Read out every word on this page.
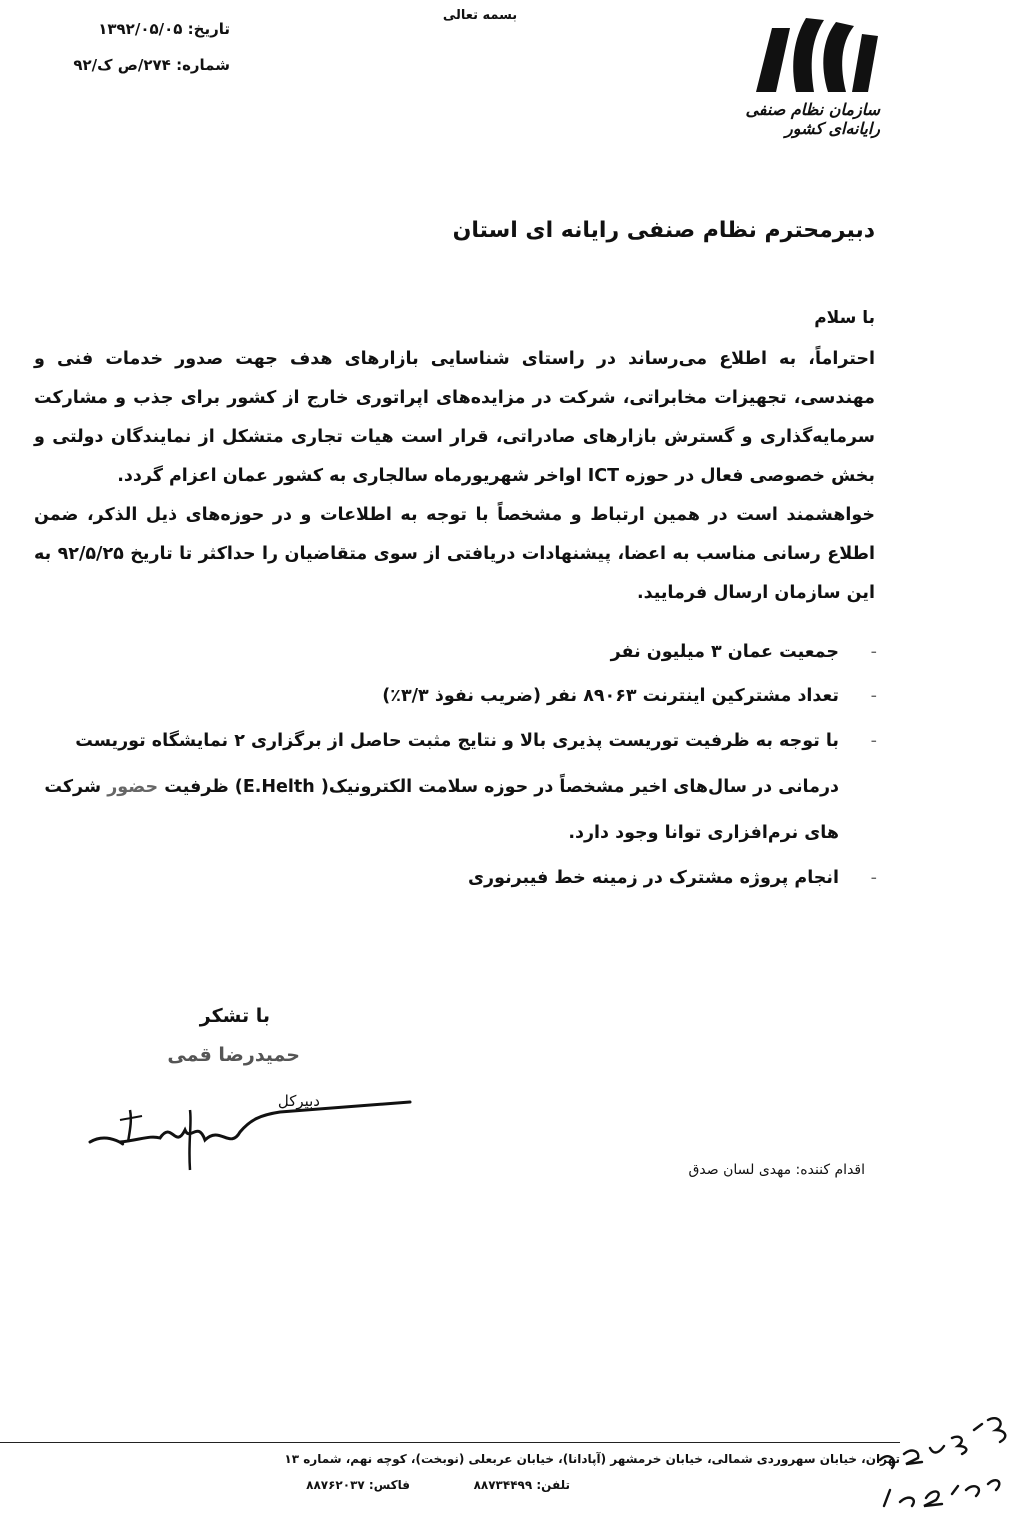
بسمه تعالی
تاریخ: ۱۳۹۲/۰۵/۰۵
شماره: ۲۷۴/ص ک/۹۲
سازمان نظام صنفی رایانه‌ای کشور
دبیرمحترم نظام صنفی رایانه ای استان
با سلام

احتراماً، به اطلاع می‌رساند در راستای شناسایی بازارهای هدف جهت صدور خدمات فنی و مهندسی، تجهیزات مخابراتی، شرکت در مزایده‌های اپراتوری خارج از کشور برای جذب و مشارکت سرمایه‌گذاری و گسترش بازارهای صادراتی، قرار است هیات تجاری متشکل از نمایندگان دولتی و بخش خصوصی فعال در حوزه ICT اواخر شهریورماه سالجاری به کشور عمان اعزام گردد.

خواهشمند است در همین ارتباط و مشخصاً با توجه به اطلاعات و در حوزه‌های ذیل الذکر، ضمن اطلاع رسانی مناسب به اعضا، پیشنهادات دریافتی از سوی متقاضیان را حداکثر تا تاریخ ۹۲/۵/۲۵ به این سازمان ارسال فرمایید.

-
جمعیت عمان ۳ میلیون نفر
-
تعداد مشترکین اینترنت ۸۹۰۶۳ نفر (ضریب نفوذ ۳/۳٪)
-
با توجه به ظرفیت توریست پذیری بالا و نتایج مثبت حاصل از برگزاری ۲ نمایشگاه توریست درمانی در سال‌های اخیر مشخصاً در حوزه سلامت الکترونیک( E.Helth) ظرفیت حضور شرکت های نرم‌افزاری توانا وجود دارد.
-
انجام پروژه مشترک در زمینه خط فیبرنوری
با تشکر
حمیدرضا قمی
دبیرکل
اقدام کننده: مهدی لسان صدق
تهران، خیابان سهروردی شمالی، خیابان خرمشهر (آپادانا)، خیابان عربعلی (نوبخت)، کوچه نهم، شماره ۱۳
تلفن: ۸۸۷۳۴۴۹۹
فاکس: ۸۸۷۶۲۰۳۷
